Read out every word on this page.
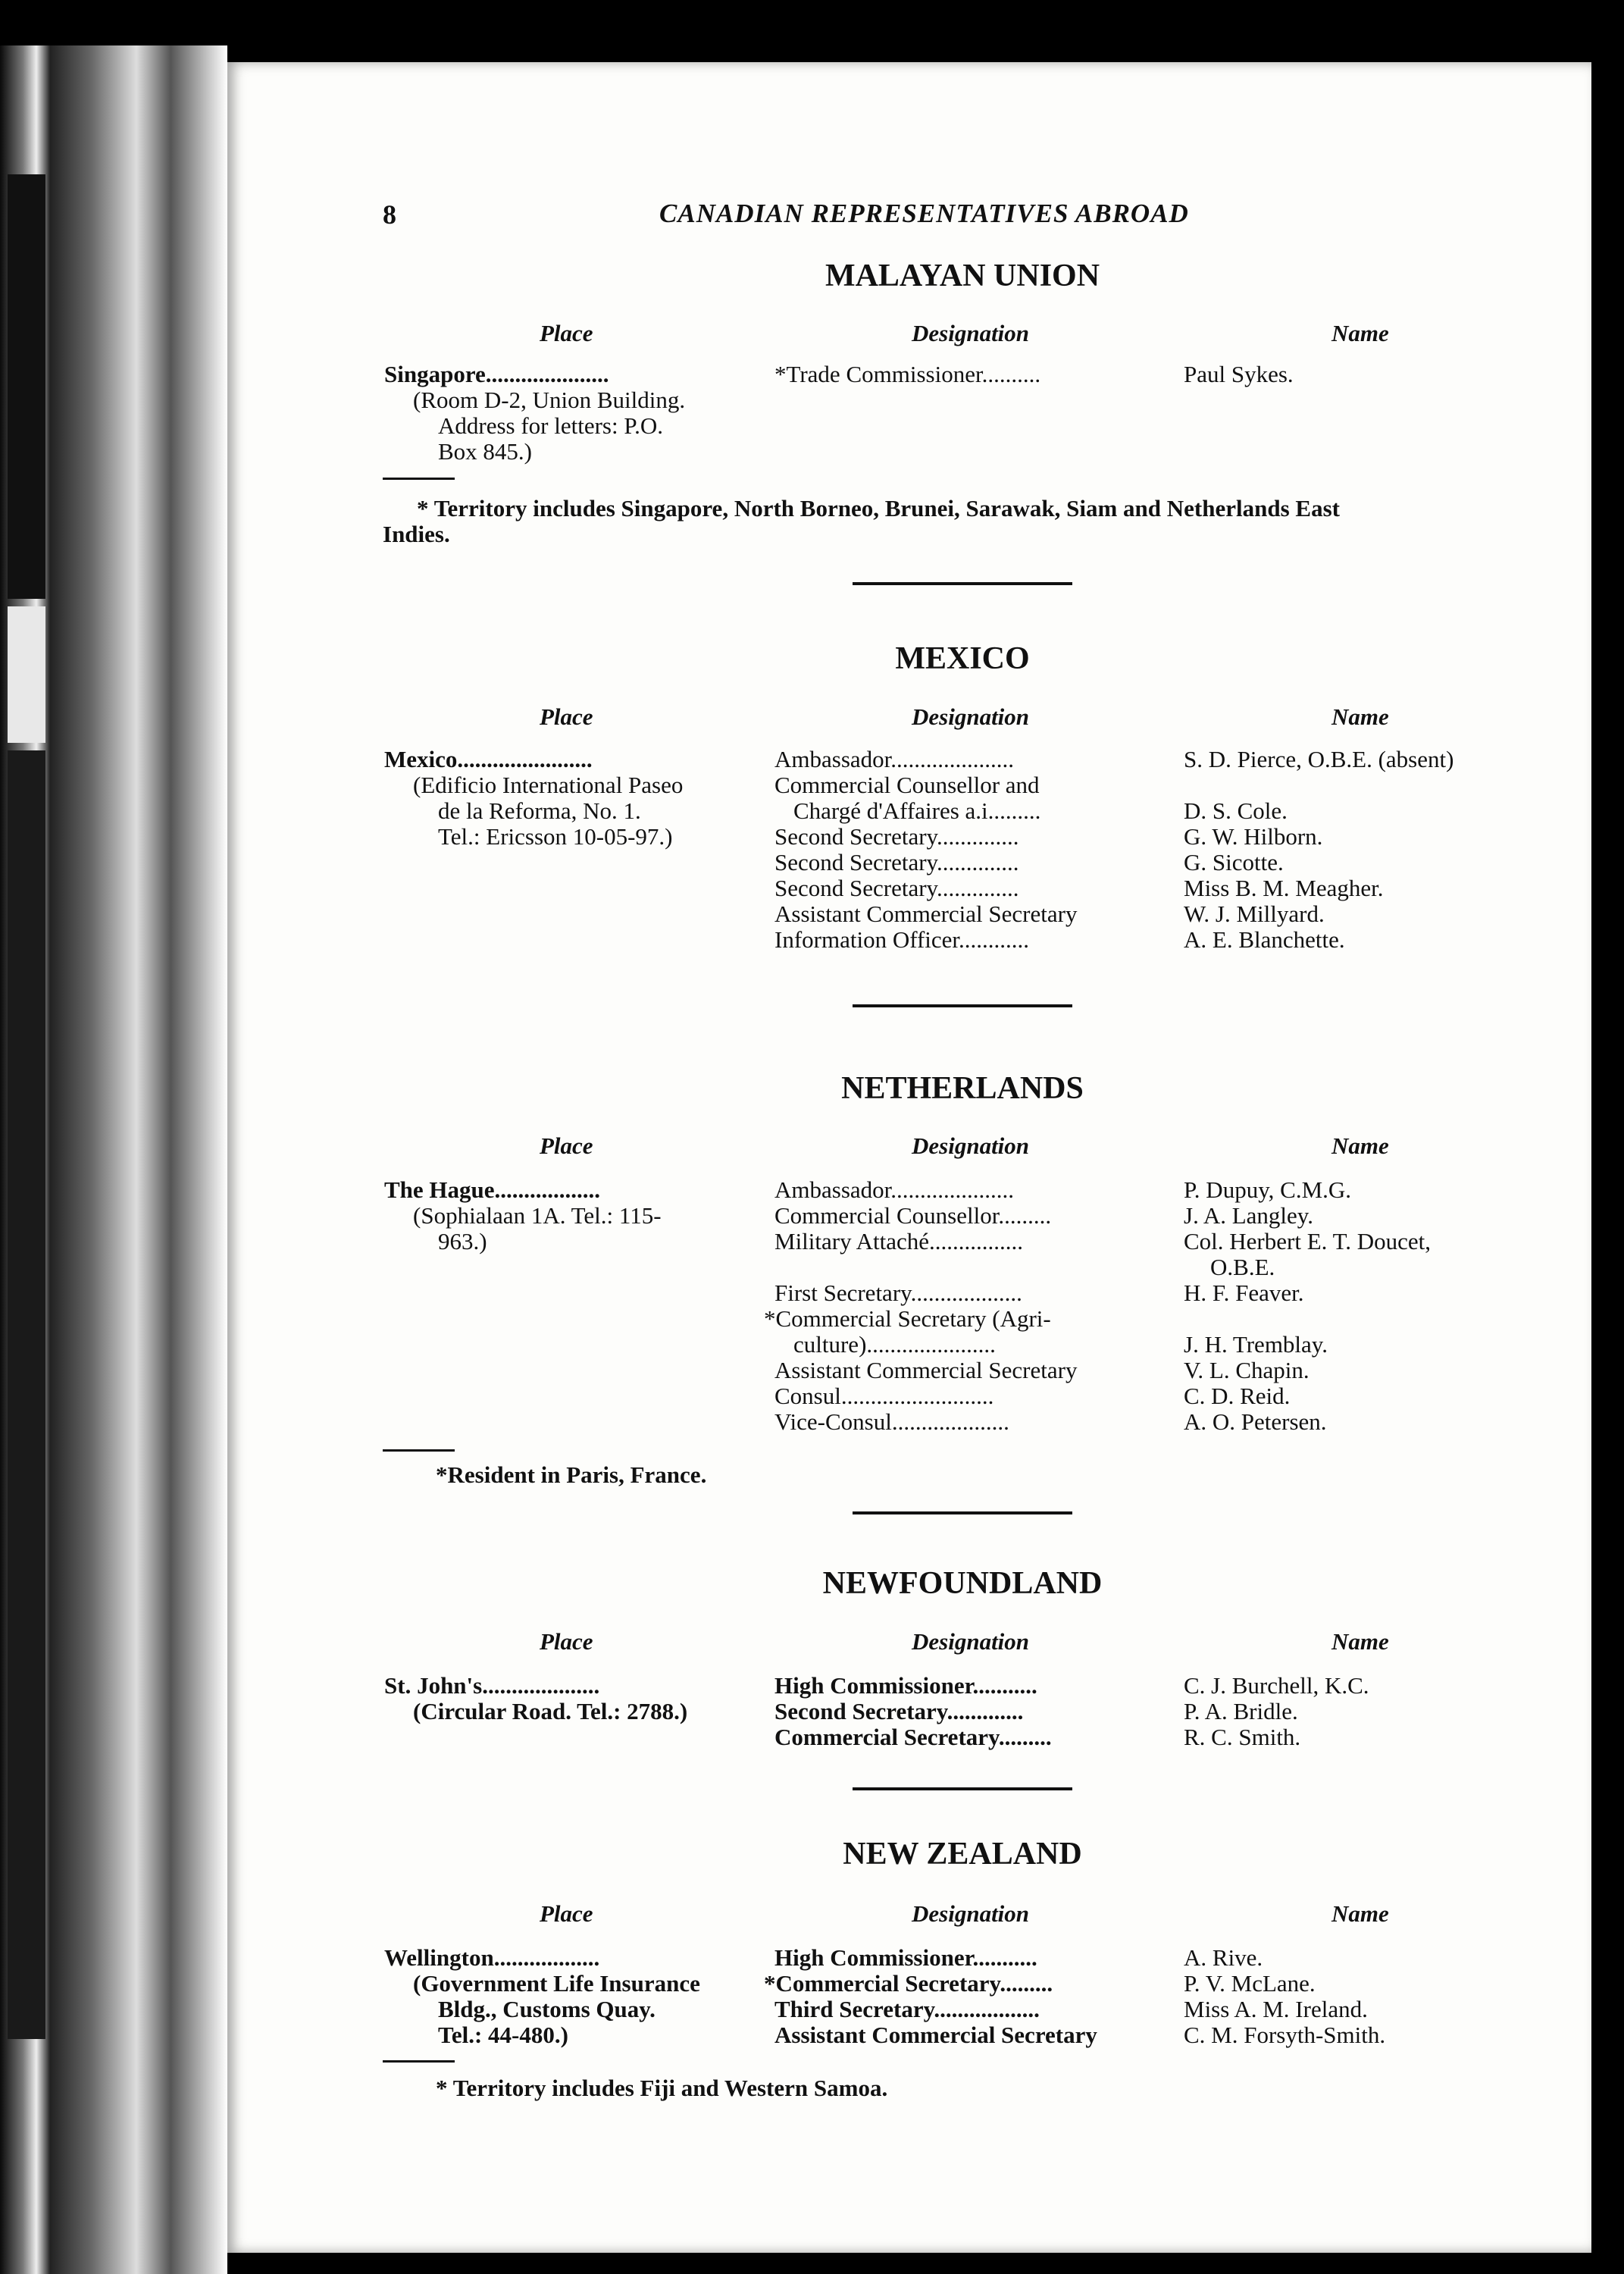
8	CANADIAN REPRESENTATIVES ABROAD
MALAYAN UNION
Place	Designation	Name
Singapore.....................
(Room D-2, Union Building.
Address for letters: P.O.
Box 845.)
*Trade Commissioner..........	Paul Sykes.
* Territory includes Singapore, North Borneo, Brunei, Sarawak, Siam and Netherlands East
Indies.
MEXICO
Place	Designation	Name
Mexico.......................
(Edificio International Paseo
de la Reforma, No. 1.
Tel.: Ericsson 10-05-97.)
Ambassador.....................	S. D. Pierce, O.B.E. (absent)
Commercial Counsellor and
Chargé d'Affaires a.i.........	D. S. Cole.
Second Secretary..............	G. W. Hilborn.
Second Secretary..............	G. Sicotte.
Second Secretary..............	Miss B. M. Meagher.
Assistant Commercial Secretary	W. J. Millyard.
Information Officer............	A. E. Blanchette.
NETHERLANDS
Place	Designation	Name
The Hague..................
(Sophialaan 1A. Tel.: 115-
963.)
Ambassador.....................	P. Dupuy, C.M.G.
Commercial Counsellor.........	J. A. Langley.
Military Attaché................	Col. Herbert E. T. Doucet,
O.B.E.
First Secretary...................	H. F. Feaver.
*Commercial Secretary (Agri-
culture)......................	J. H. Tremblay.
Assistant Commercial Secretary	V. L. Chapin.
Consul..........................	C. D. Reid.
Vice-Consul....................	A. O. Petersen.
*Resident in Paris, France.
NEWFOUNDLAND
Place	Designation	Name
St. John's....................
(Circular Road. Tel.: 2788.)
High Commissioner...........	C. J. Burchell, K.C.
Second Secretary.............	P. A. Bridle.
Commercial Secretary.........	R. C. Smith.
NEW ZEALAND
Place	Designation	Name
Wellington..................
(Government Life Insurance
Bldg., Customs Quay.
Tel.: 44-480.)
High Commissioner...........	A. Rive.
*Commercial Secretary.........	P. V. McLane.
Third Secretary..................	Miss A. M. Ireland.
Assistant Commercial Secretary	C. M. Forsyth-Smith.
* Territory includes Fiji and Western Samoa.
